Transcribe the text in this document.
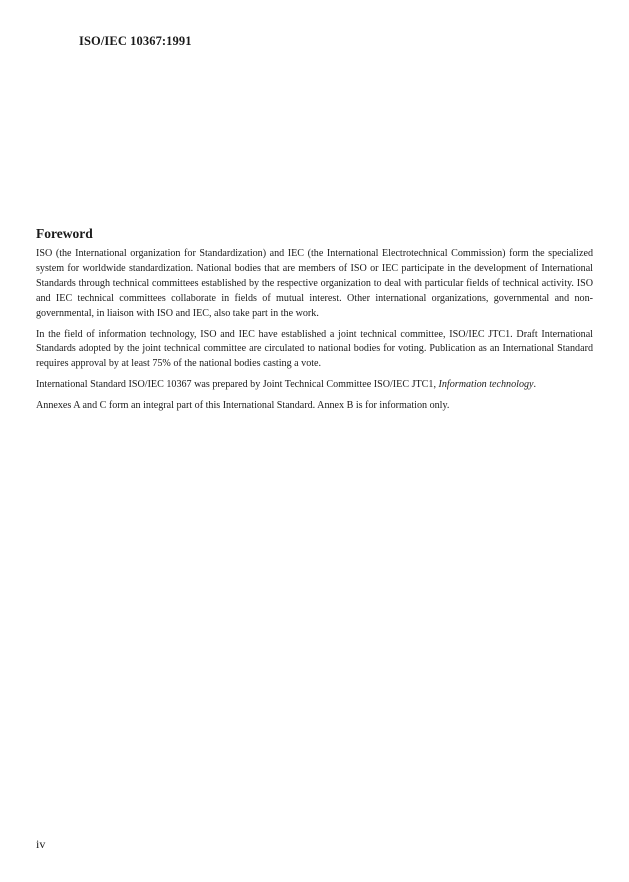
ISO/IEC 10367:1991
Foreword

ISO (the International organization for Standardization) and IEC (the International Electrotechnical Commission) form the specialized system for worldwide standardization. National bodies that are members of ISO or IEC participate in the development of International Standards through technical committees established by the respective organization to deal with particular fields of technical activity. ISO and IEC technical committees collaborate in fields of mutual interest. Other international organizations, governmental and non-governmental, in liaison with ISO and IEC, also take part in the work.

In the field of information technology, ISO and IEC have established a joint technical committee, ISO/IEC JTC1. Draft International Standards adopted by the joint technical committee are circulated to national bodies for voting. Publication as an International Standard requires approval by at least 75% of the national bodies casting a vote.

International Standard ISO/IEC 10367 was prepared by Joint Technical Committee ISO/IEC JTC1, Information technology.

Annexes A and C form an integral part of this International Standard. Annex B is for information only.

iv
